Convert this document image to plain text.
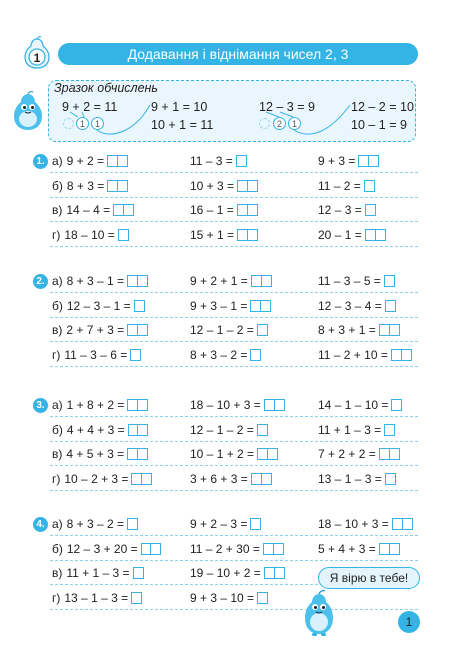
1	Додавання і віднімання чисел 2, 3
Зразок обчислень
9 + 2 = 11	9 + 1 = 10
10 + 1 = 11
1	1
12 – 3 = 9	12 – 2 = 10
10 – 1 = 9
2	1
1. а) 9 + 2 =	11 – 3 =	9 + 3 =
б) 8 + 3 =	10 + 3 =	11 – 2 =
в) 14 – 4 =	16 – 1 =	12 – 3 =
г) 18 – 10 =	15 + 1 =	20 – 1 =
2. а) 8 + 3 – 1 =	9 + 2 + 1 =	11 – 3 – 5 =
б) 12 – 3 – 1 =	9 + 3 – 1 =	12 – 3 – 4 =
в) 2 + 7 + 3 =	12 – 1 – 2 =	8 + 3 + 1 =
г) 11 – 3 – 6 =	8 + 3 – 2 =	11 – 2 + 10 =
3. а) 1 + 8 + 2 =	18 – 10 + 3 =	14 – 1 – 10 =
б) 4 + 4 + 3 =	12 – 1 – 2 =	11 + 1 – 3 =
в) 4 + 5 + 3 =	10 – 1 + 2 =	7 + 2 + 2 =
г) 10 – 2 + 3 =	3 + 6 + 3 =	13 – 1 – 3 =
4. а) 8 + 3 – 2 =	9 + 2 – 3 =	18 – 10 + 3 =
б) 12 – 3 + 20 =	11 – 2 + 30 =	5 + 4 + 3 =
в) 11 + 1 – 3 =	19 – 10 + 2 =
г) 13 – 1 – 3 =	9 + 3 – 10 =
Я вірю в тебе!
1
